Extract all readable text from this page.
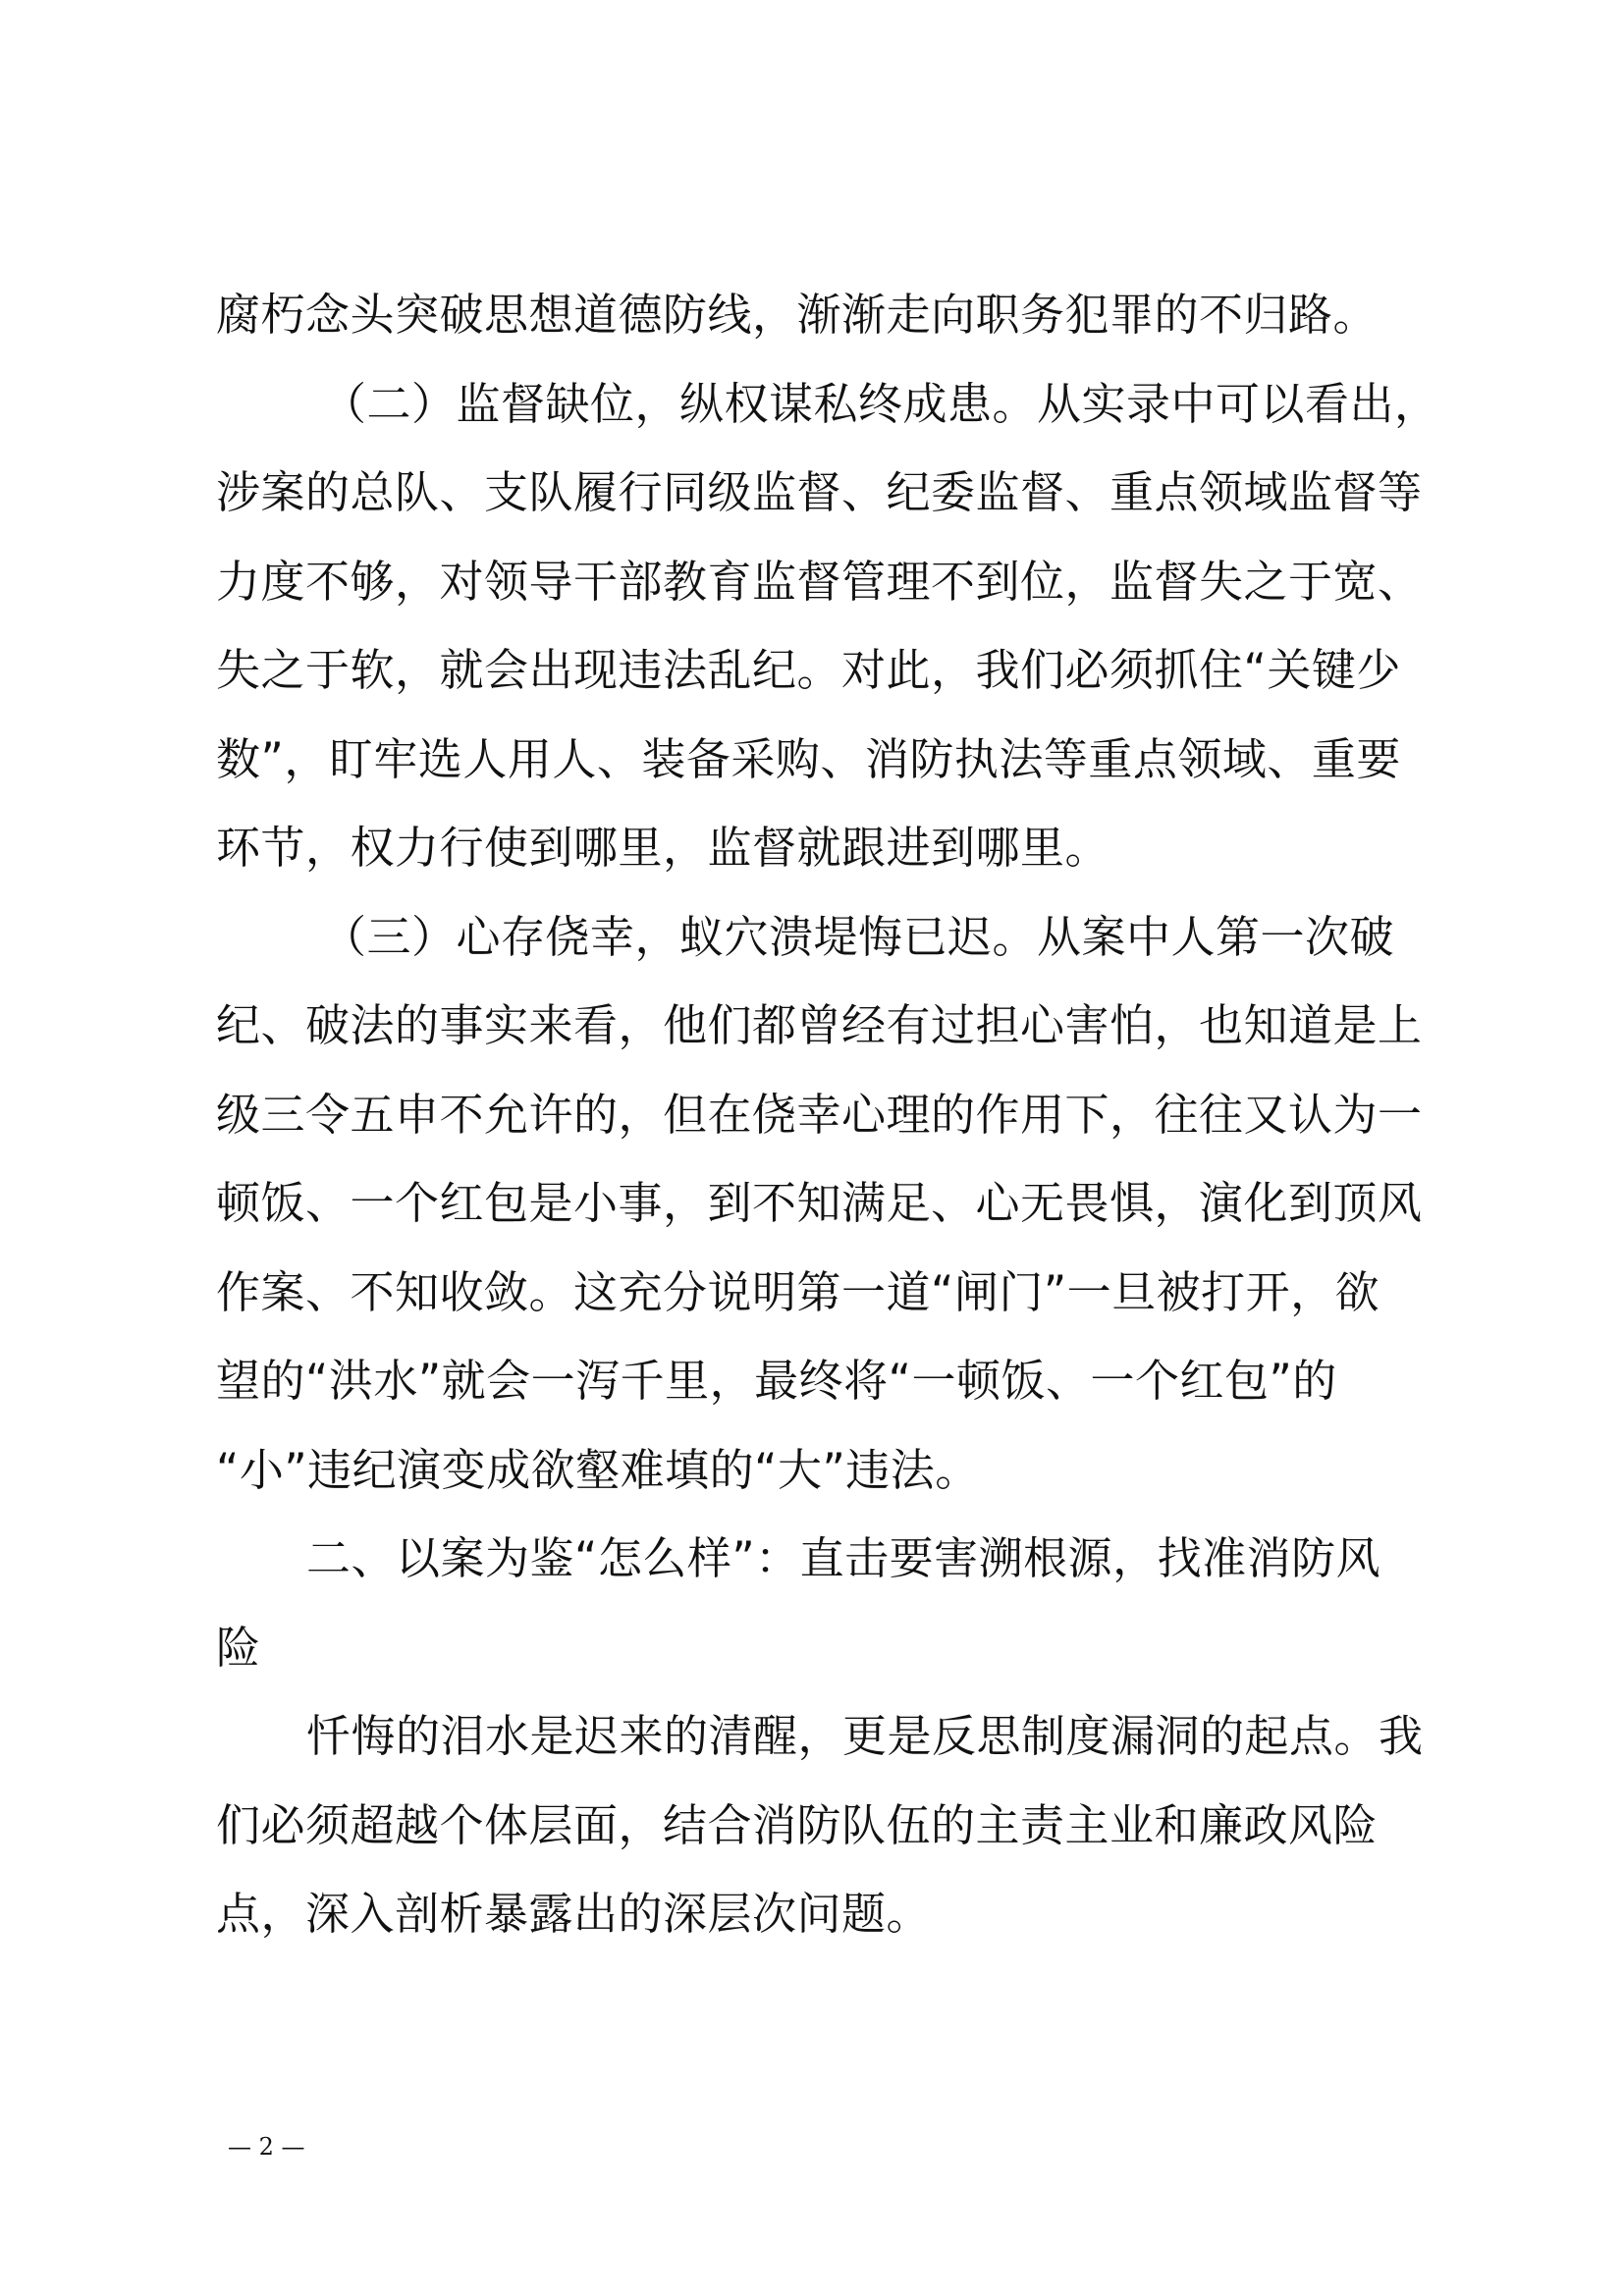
腐朽念头突破思想道德防线，渐渐走向职务犯罪的不归路。
（二）监督缺位，纵权谋私终成患。从实录中可以看出，
涉案的总队、支队履行同级监督、纪委监督、重点领域监督等
力度不够，对领导干部教育监督管理不到位，监督失之于宽、
失之于软，就会出现违法乱纪。对此，我们必须抓住“关键少
数”，盯牢选人用人、装备采购、消防执法等重点领域、重要
环节，权力行使到哪里，监督就跟进到哪里。
（三）心存侥幸，蚁穴溃堤悔已迟。从案中人第一次破
纪、破法的事实来看，他们都曾经有过担心害怕，也知道是上
级三令五申不允许的，但在侥幸心理的作用下，往往又认为一
顿饭、一个红包是小事，到不知满足、心无畏惧，演化到顶风
作案、不知收敛。这充分说明第一道“闸门”一旦被打开，欲
望的“洪水”就会一泻千里，最终将“一顿饭、一个红包”的
“小”违纪演变成欲壑难填的“大”违法。
二、以案为鉴“怎么样”：直击要害溯根源，找准消防风
险
忏悔的泪水是迟来的清醒，更是反思制度漏洞的起点。我
们必须超越个体层面，结合消防队伍的主责主业和廉政风险
点，深入剖析暴露出的深层次问题。
— 2 —
